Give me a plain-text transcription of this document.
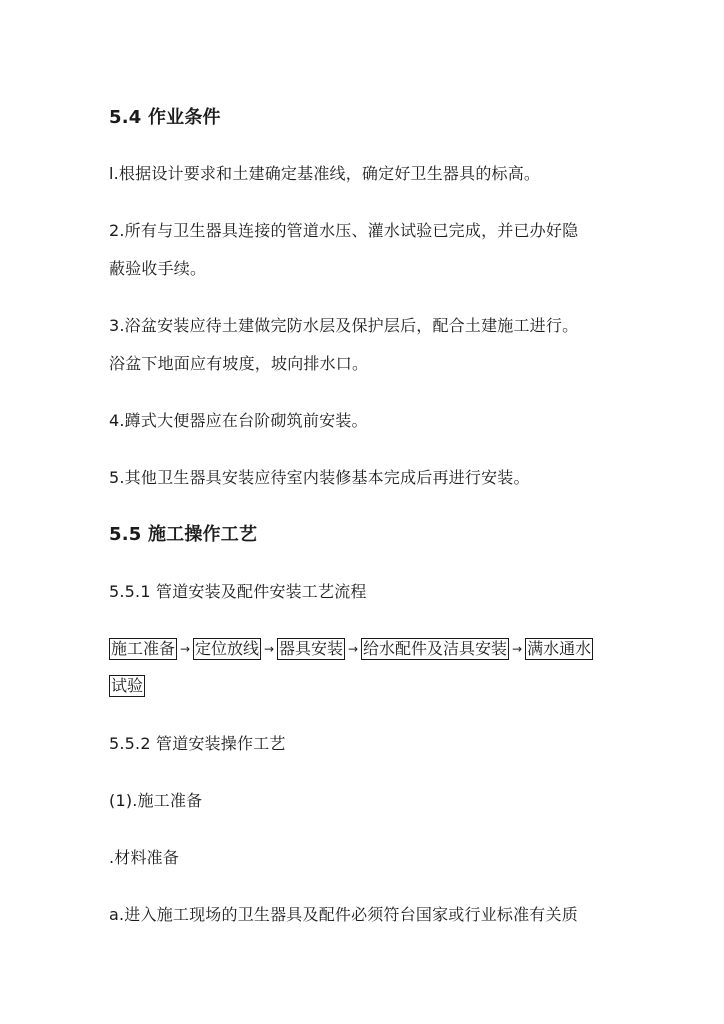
5.4 作业条件
l.根据设计要求和土建确定基准线，确定好卫生器具的标高。
2.所有与卫生器具连接的管道水压、灌水试验已完成，并已办好隐
蔽验收手续。
3.浴盆安装应待土建做完防水层及保护层后，配合土建施工进行。
浴盆下地面应有坡度，坡向排水口。
4.蹲式大便器应在台阶砌筑前安装。
5.其他卫生器具安装应待室内装修基本完成后再进行安装。
5.5 施工操作工艺
5.5.1 管道安装及配件安装工艺流程
施工准备 → 定位放线 → 器具安装 → 给水配件及洁具安装 → 满水通水
试验
5.5.2 管道安装操作工艺
(1).施工准备
.材料准备
a.进入施工现场的卫生器具及配件必须符台国家或行业标准有关质
